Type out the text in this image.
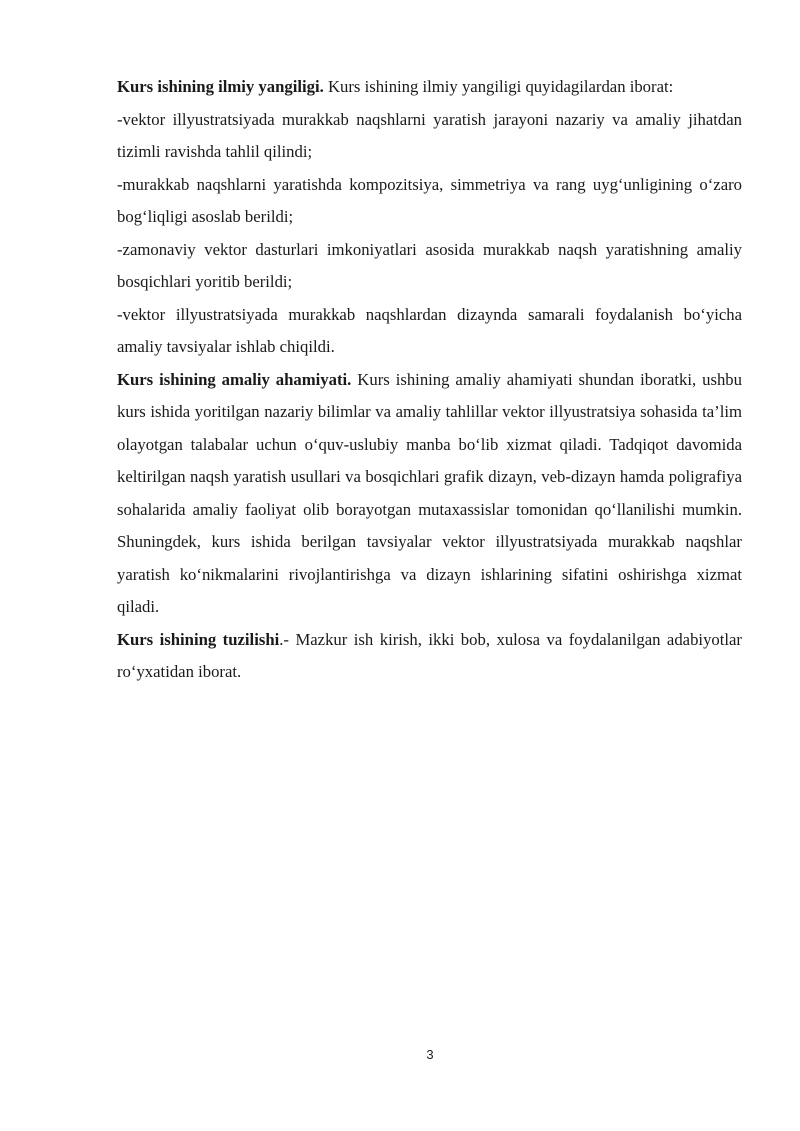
Kurs ishining ilmiy yangiligi. Kurs ishining ilmiy yangiligi quyidagilardan iborat:

-vektor illyustratsiyada murakkab naqshlarni yaratish jarayoni nazariy va amaliy jihatdan tizimli ravishda tahlil qilindi;

-murakkab naqshlarni yaratishda kompozitsiya, simmetriya va rang uyg‘unligining o‘zaro bog‘liqligi asoslab berildi;

-zamonaviy vektor dasturlari imkoniyatlari asosida murakkab naqsh yaratishning amaliy bosqichlari yoritib berildi;

-vektor illyustratsiyada murakkab naqshlardan dizaynda samarali foydalanish bo‘yicha amaliy tavsiyalar ishlab chiqildi.

Kurs ishining amaliy ahamiyati. Kurs ishining amaliy ahamiyati shundan iboratki, ushbu kurs ishida yoritilgan nazariy bilimlar va amaliy tahlillar vektor illyustratsiya sohasida ta’lim olayotgan talabalar uchun o‘quv-uslubiy manba bo‘lib xizmat qiladi. Tadqiqot davomida keltirilgan naqsh yaratish usullari va bosqichlari grafik dizayn, veb-dizayn hamda poligrafiya sohalarida amaliy faoliyat olib borayotgan mutaxassislar tomonidan qo‘llanilishi mumkin. Shuningdek, kurs ishida berilgan tavsiyalar vektor illyustratsiyada murakkab naqshlar yaratish ko‘nikmalarini rivojlantirishga va dizayn ishlarining sifatini oshirishga xizmat qiladi.

Kurs ishining tuzilishi.- Mazkur ish kirish, ikki bob, xulosa va foydalanilgan adabiyotlar ro‘yxatidan iborat.

3
